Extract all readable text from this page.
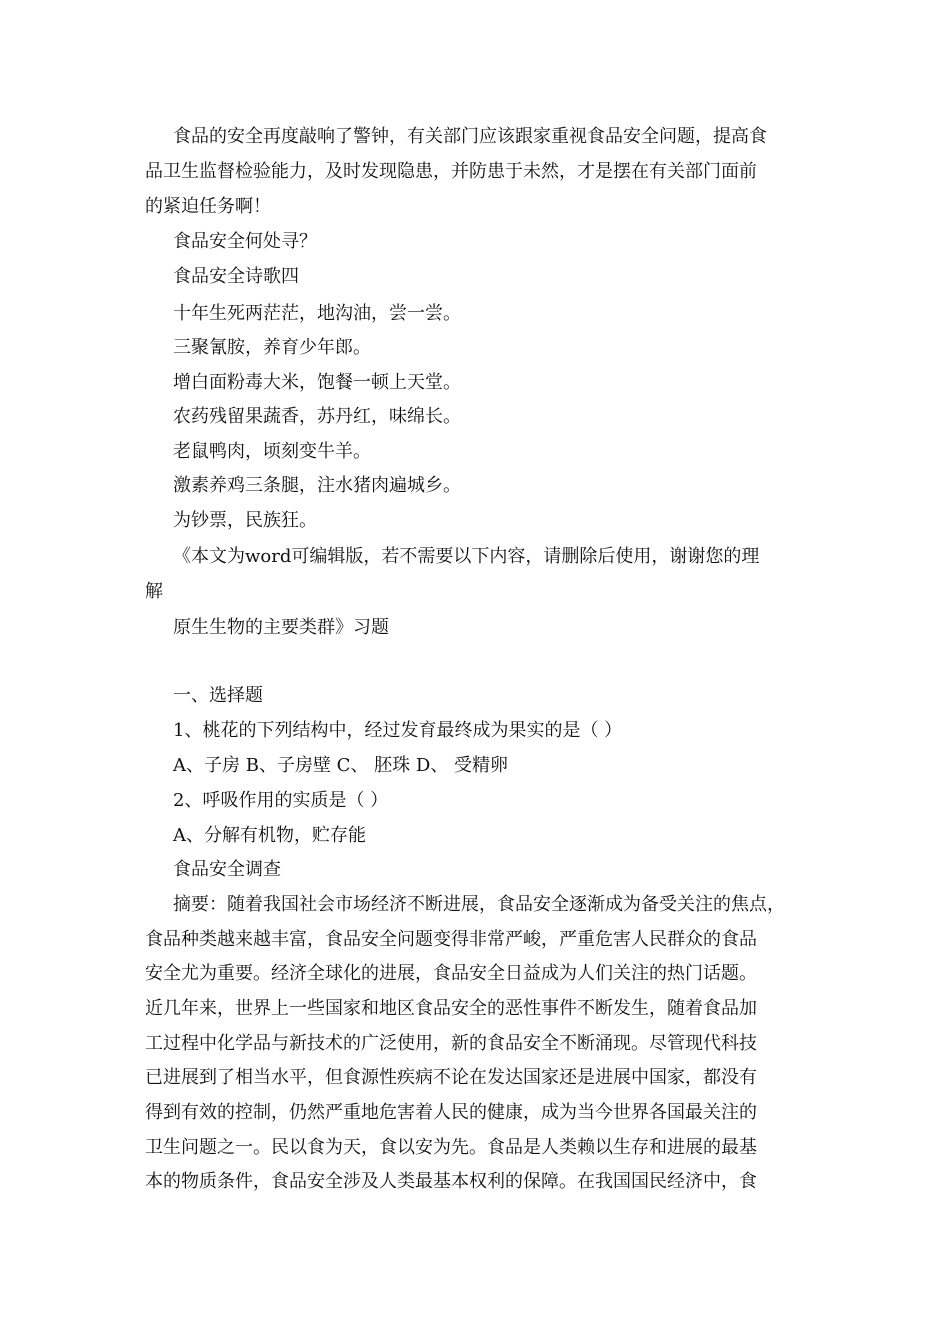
食品的安全再度敲响了警钟，有关部门应该跟家重视食品安全问题，提高食
品卫生监督检验能力，及时发现隐患，并防患于未然，才是摆在有关部门面前
的紧迫任务啊！
食品安全何处寻？
食品安全诗歌四
十年生死两茫茫，地沟油，尝一尝。
三聚氰胺，养育少年郎。
增白面粉毒大米，饱餐一顿上天堂。
农药残留果蔬香，苏丹红，味绵长。
老鼠鸭肉，顷刻变牛羊。
激素养鸡三条腿，注水猪肉遍城乡。
为钞票，民族狂。
《本文为word可编辑版，若不需要以下内容，请删除后使用，谢谢您的理
解
原生生物的主要类群》习题
一、选择题
1、桃花的下列结构中，经过发育最终成为果实的是（ ）
A、子房 B、子房壁 C、 胚珠 D、 受精卵
2、呼吸作用的实质是（ ）
A、分解有机物，贮存能
食品安全调查
摘要：随着我国社会市场经济不断进展，食品安全逐渐成为备受关注的焦点，
食品种类越来越丰富，食品安全问题变得非常严峻，严重危害人民群众的食品
安全尤为重要。经济全球化的进展，食品安全日益成为人们关注的热门话题。
近几年来，世界上一些国家和地区食品安全的恶性事件不断发生，随着食品加
工过程中化学品与新技术的广泛使用，新的食品安全不断涌现。尽管现代科技
已进展到了相当水平，但食源性疾病不论在发达国家还是进展中国家，都没有
得到有效的控制，仍然严重地危害着人民的健康，成为当今世界各国最关注的
卫生问题之一。民以食为天，食以安为先。食品是人类赖以生存和进展的最基
本的物质条件，食品安全涉及人类最基本权利的保障。在我国国民经济中，食
